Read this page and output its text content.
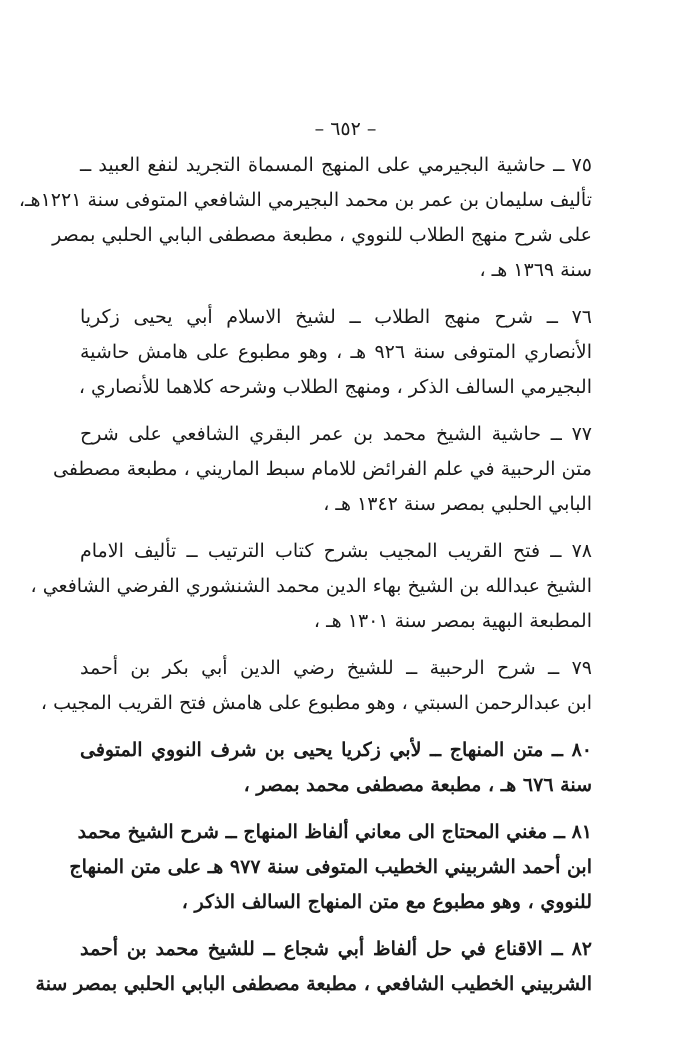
– ٦٥٢ –
٧٥ ــ حاشية البجيرمي على المنهج المسماة التجريد لنفع العبيد ــ
تأليف سليمان بن عمر بن محمد البجيرمي الشافعي المتوفى سنة ١٢٢١هـ،
على شرح منهج الطلاب للنووي ، مطبعة مصطفى البابي الحلبي بمصر
سنة ١٣٦٩ هـ ،
٧٦ ــ شرح منهج الطلاب ــ لشيخ الاسلام أبي يحيى زكريا
الأنصاري المتوفى سنة ٩٢٦ هـ ، وهو مطبوع على هامش حاشية
البجيرمي السالف الذكر ، ومنهج الطلاب وشرحه كلاهما للأنصاري ،
٧٧ ــ حاشية الشيخ محمد بن عمر البقري الشافعي على شرح
متن الرحبية في علم الفرائض للامام سبط الماريني ، مطبعة مصطفى
البابي الحلبي بمصر سنة ١٣٤٢ هـ ،
٧٨ ــ فتح القريب المجيب بشرح كتاب الترتيب ــ تأليف الامام
الشيخ عبدالله بن الشيخ بهاء الدين محمد الشنشوري الفرضي الشافعي ،
المطبعة البهية بمصر سنة ١٣٠١ هـ ،
٧٩ ــ شرح الرحبية ــ للشيخ رضي الدين أبي بكر بن أحمد
ابن عبدالرحمن السبتي ، وهو مطبوع على هامش فتح القريب المجيب ،
٨٠ ــ متن المنهاج ــ لأبي زكريا يحيى بن شرف النووي المتوفى
سنة ٦٧٦ هـ ، مطبعة مصطفى محمد بمصر ،
٨١ ــ مغني المحتاج الى معاني ألفاظ المنهاج ــ شرح الشيخ محمد
ابن أحمد الشربيني الخطيب المتوفى سنة ٩٧٧ هـ على متن المنهاج
للنووي ، وهو مطبوع مع متن المنهاج السالف الذكر ،
٨٢ ــ الاقناع في حل ألفاظ أبي شجاع ــ للشيخ محمد بن أحمد
الشربيني الخطيب الشافعي ، مطبعة مصطفى البابي الحلبي بمصر سنة
